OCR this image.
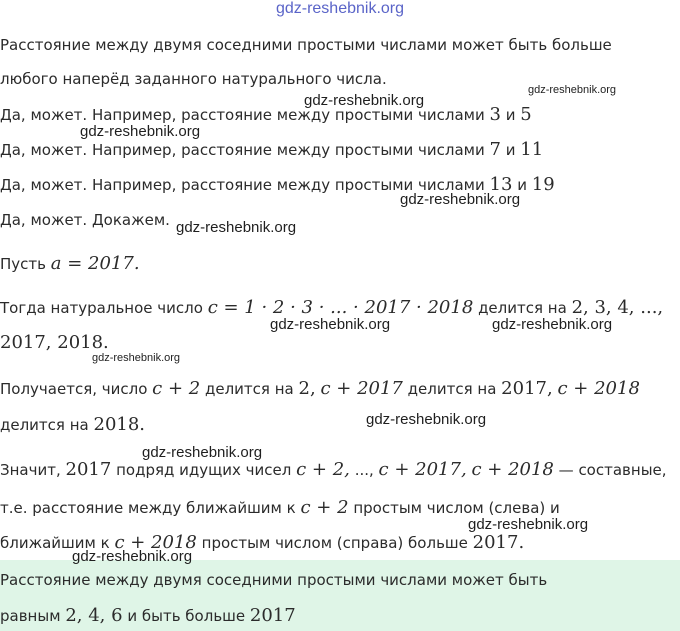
gdz-reshebnik.org
Расстояние между двумя соседними простыми числами может быть больше
любого наперёд заданного натурального числа.
Да, может. Например, расстояние между простыми числами 3 и 5
Да, может. Например, расстояние между простыми числами 7 и 11
Да, может. Например, расстояние между простыми числами 13 и 19
Да, может. Докажем.
Пусть a = 2017.
Тогда натуральное число c = 1 · 2 · 3 · ... · 2017 · 2018 делится на 2, 3, 4, ...,
2017, 2018.
Получается, число c + 2 делится на 2, c + 2017 делится на 2017, c + 2018
делится на 2018.
Значит, 2017 подряд идущих чисел c + 2, ..., c + 2017, c + 2018 — составные,
т.е. расстояние между ближайшим к c + 2 простым числом (слева) и
ближайшим к c + 2018 простым числом (справа) больше 2017.
Расстояние между двумя соседними простыми числами может быть
равным 2, 4, 6 и быть больше 2017
gdz-reshebnik.org
gdz-reshebnik.org
gdz-reshebnik.org
gdz-reshebnik.org
gdz-reshebnik.org
gdz-reshebnik.org	gdz-reshebnik.org
gdz-reshebnik.org
gdz-reshebnik.org
gdz-reshebnik.org
gdz-reshebnik.org
gdz-reshebnik.org
